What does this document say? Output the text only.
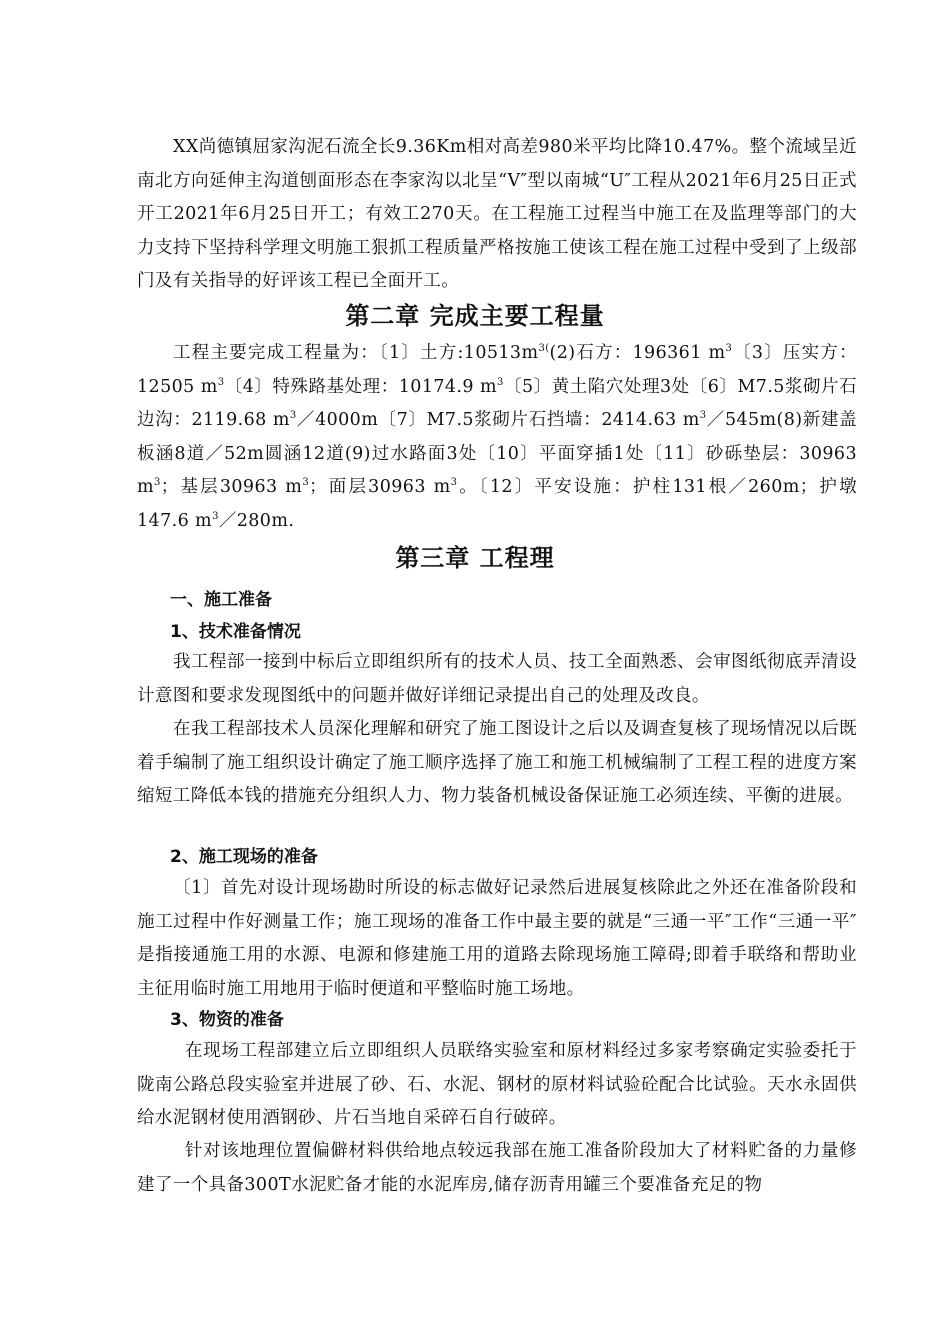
XX尚德镇屈家沟泥石流全长9.36Km相对高差980米平均比降10.47%。整个流域呈近南北方向延伸主沟道刨面形态在李家沟以北呈“V″型以南城“U″工程从2021年6月25日正式开工2021年6月25日开工；有效工270天。在工程施工过程当中施工在及监理等部门的大力支持下坚持科学理文明施工狠抓工程质量严格按施工使该工程在施工过程中受到了上级部门及有关指导的好评该工程已全面开工。

第二章 完成主要工程量

工程主要完成工程量为：〔1〕土方$:10513m^{3(}(2)$石方：196361 $m^3$〔3〕压实方：12505 $m^3$〔4〕特殊路基处理：10174.9 $m^3$〔5〕黄土陷穴处理3处〔6〕M7.5浆砌片石边沟：2119.68 $m^3/4000m$〔7〕M7.5浆砌片石挡墙：2414.63 $m^3/545m(8)$新建盖板涵8道／52m圆涵12道(9)过水路面3处〔10〕平面穿插1处〔11〕砂砾垫层：30963 $m^3$；基层30963 $m^3$；面层30963 $m^3$。〔12〕平安设施：护柱131根／260m；护墩147.6 $m^3/280m$.

第三章 工程理
一、施工准备
1、技术准备情况

我工程部一接到中标后立即组织所有的技术人员、技工全面熟悉、会审图纸彻底弄清设计意图和要求发现图纸中的问题并做好详细记录提出自己的处理及改良。

在我工程部技术人员深化理解和研究了施工图设计之后以及调查复核了现场情况以后既着手编制了施工组织设计确定了施工顺序选择了施工和施工机械编制了工程工程的进度方案缩短工降低本钱的措施充分组织人力、物力装备机械设备保证施工必须连续、平衡的进展。

2、施工现场的准备

〔1〕首先对设计现场勘时所设的标志做好记录然后进展复核除此之外还在准备阶段和施工过程中作好测量工作；施工现场的准备工作中最主要的就是“三通一平″工作“三通一平″是指接通施工用的水源、电源和修建施工用的道路去除现场施工障碍;即着手联络和帮助业主征用临时施工用地用于临时便道和平整临时施工场地。

3、物资的准备

在现场工程部建立后立即组织人员联络实验室和原材料经过多家考察确定实验委托于陇南公路总段实验室并进展了砂、石、水泥、钢材的原材料试验砼配合比试验。天水永固供给水泥钢材使用酒钢砂、片石当地自采碎石自行破碎。

针对该地理位置偏僻材料供给地点较远我部在施工准备阶段加大了材料贮备的力量修建了一个具备300T水泥贮备才能的水泥库房,储存沥青用罐三个要准备充足的物
